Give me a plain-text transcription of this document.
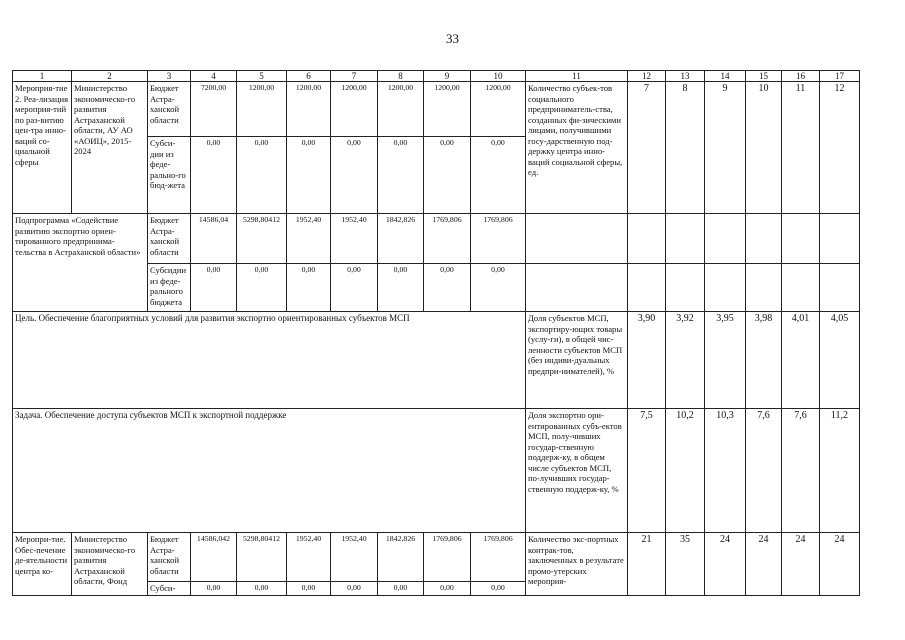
33
1	2	3	4	5	6	7	8	9	10	11	12	13	14	15	16	17
Мероприя-тие 2. Реа-лизация мероприя-тий по раз-витию цен-тра инно-ваций со-циальной сферы	Министерство экономическо-го развития Астраханской области, АУ АО «АОИЦ», 2015-2024	Бюджет Астра-ханской области	7200,00	1200,00	1200,00	1200,00	1200,00	1200,00	1200,00	Количество субъек-тов социального предприниматель-ства, созданных фи-зическими лицами, получившими госу-дарственную под-держку центра инно-ваций социальной сферы, ед.	7	8	9	10	11	12
		Субси-дии из феде-рально-го бюд-жета	0,00	0,00	0,00	0,00	0,00	0,00	0,00							
Подпрограмма «Содействие развитию экспортно ориен-тированного предпринима-тельства в Астраханской области»		Бюджет Астра-ханской области	14586,04	5298,80412	1952,40	1952,40	1842,826	1769,806	1769,806							
		Субсидии из феде-рального бюджета	0,00	0,00	0,00	0,00	0,00	0,00	0,00							
Цель. Обеспечение благоприятных условий для развития экспортно ориентированных субъектов МСП										Доля субъектов МСП, экспортиру-ющих товары (услу-ги), в общей чис-ленности субъектов МСП (без индиви-дуальных предпри-нимателей), %	3,90	3,92	3,95	3,98	4,01	4,05
Задача. Обеспечение доступа субъектов МСП к экспортной поддержке										Доля экспортно ори-ентированных субъ-ектов МСП, полу-чивших государ-ственную поддерж-ку, в общем числе субъектов МСП, по-лучивших государ-ственную поддерж-ку, %	7,5	10,2	10,3	7,6	7,6	11,2
Меропри-тие. Обес-печение де-ятельности центра ко-	Министерство экономическо-го развития Астраханской области, Фонд	Бюджет Астра-ханской области	14586,042	5298,80412	1952,40	1952,40	1842,826	1769,806	1769,806	Количество экс-портных контрак-тов, заключенных в результате промо-утерских мероприя-	21	35	24	24	24	24
		Субси-	0,00	0,00	0,00	0,00	0,00	0,00	0,00							
